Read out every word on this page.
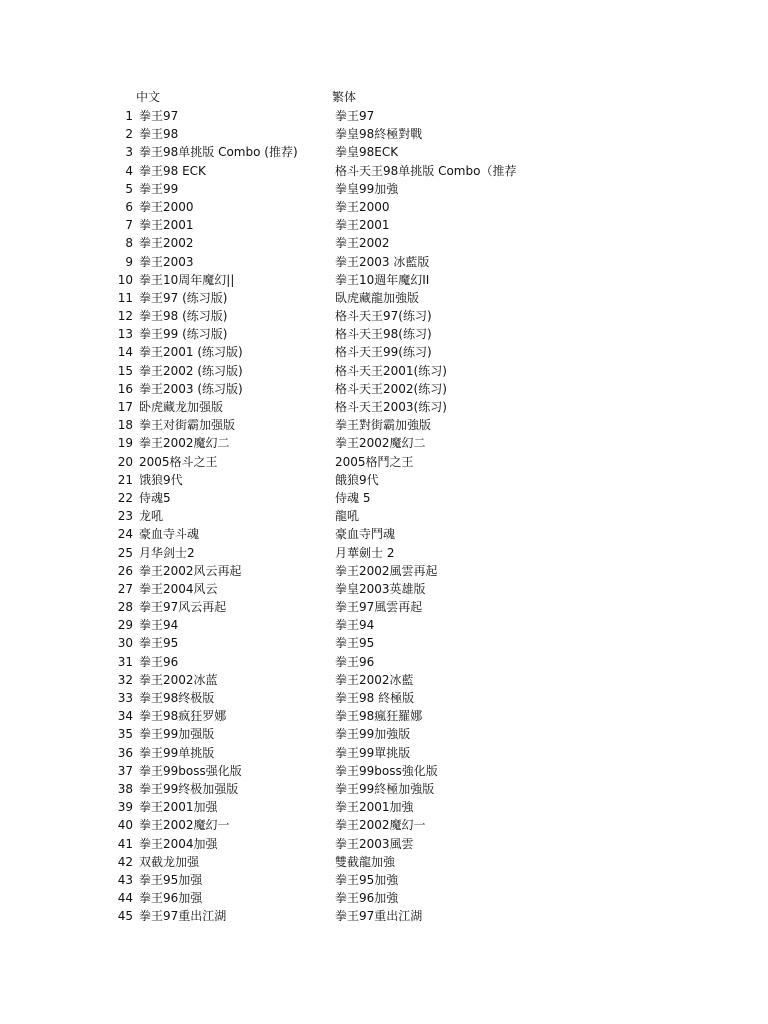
中文	繁体
1 拳王97	拳王97
2 拳王98	拳皇98終極對戰
3 拳王98单挑版 Combo (推荐)	拳皇98ECK
4 拳王98 ECK	格斗天王98单挑版 Combo（推荐
5 拳王99	拳皇99加強
6 拳王2000	拳王2000
7 拳王2001	拳王2001
8 拳王2002	拳王2002
9 拳王2003	拳王2003 冰藍版
10 拳王10周年魔幻||	拳王10週年魔幻II
11 拳王97 (练习版)	臥虎藏龍加強版
12 拳王98 (练习版)	格斗天王97(练习)
13 拳王99 (练习版)	格斗天王98(练习)
14 拳王2001 (练习版)	格斗天王99(练习)
15 拳王2002 (练习版)	格斗天王2001(练习)
16 拳王2003 (练习版)	格斗天王2002(练习)
17 卧虎藏龙加强版	格斗天王2003(练习)
18 拳王对街霸加强版	拳王對街霸加強版
19 拳王2002魔幻二	拳王2002魔幻二
20 2005格斗之王	2005格鬥之王
21 饿狼9代	餓狼9代
22 侍魂5	侍魂 5
23 龙吼	龍吼
24 豪血寺斗魂	豪血寺鬥魂
25 月华剑士2	月華劍士 2
26 拳王2002风云再起	拳王2002風雲再起
27 拳王2004风云	拳皇2003英雄版
28 拳王97风云再起	拳王97風雲再起
29 拳王94	拳王94
30 拳王95	拳王95
31 拳王96	拳王96
32 拳王2002冰蓝	拳王2002冰藍
33 拳王98终极版	拳王98 終極版
34 拳王98疯狂罗娜	拳王98瘋狂羅娜
35 拳王99加强版	拳王99加強版
36 拳王99单挑版	拳王99單挑版
37 拳王99boss强化版	拳王99boss強化版
38 拳王99终极加强版	拳王99終極加強版
39 拳王2001加强	拳王2001加強
40 拳王2002魔幻一	拳王2002魔幻一
41 拳王2004加强	拳王2003風雲
42 双截龙加强	雙截龍加強
43 拳王95加强	拳王95加強
44 拳王96加强	拳王96加強
45 拳王97重出江湖	拳王97重出江湖
